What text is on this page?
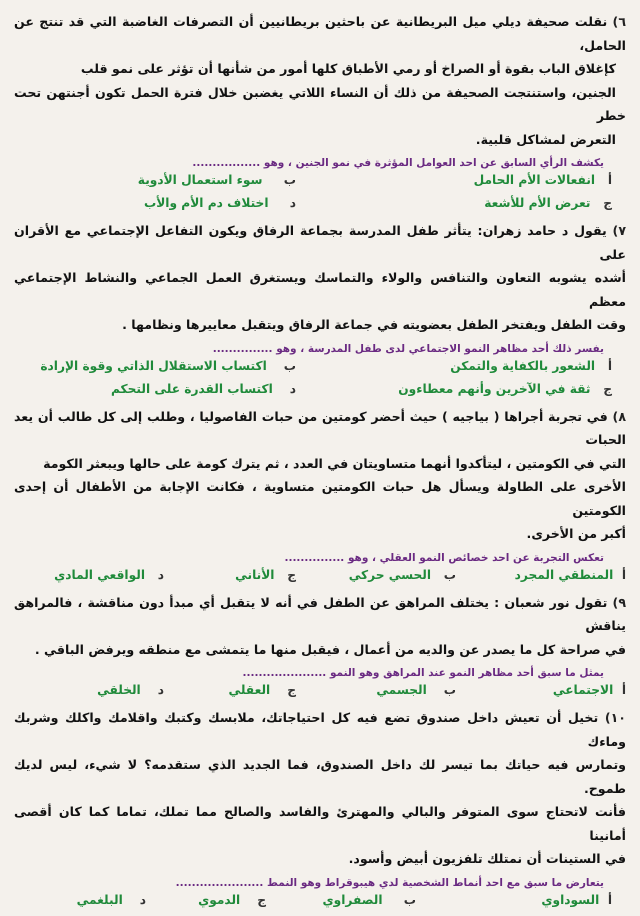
٦) نقلت صحيفة ديلي ميل البريطانية عن باحثين بريطانيين أن التصرفات الغاضبة التي قد تنتج عن الحامل،
كإغلاق الباب بقوة أو الصراخ أو رمي الأطباق كلها أمور من شأنها أن تؤثر على نمو قلب
الجنين، واستنتجت الصحيفة من ذلك أن النساء اللاتي يغضبن خلال فترة الحمل تكون أجنتهن تحت خطر
التعرض لمشاكل قلبية.
يكشف الرأي السابق عن احد العوامل المؤثرة في نمو الجنين ، وهو .................
أ   انفعالات الأم الحامل
ب     سوء استعمال الأدوية
ج   تعرض الأم للأشعة
د     اختلاف دم الأم والأب
٧) يقول د حامد زهران: يتأثر طفل المدرسة بجماعة الرفاق ويكون التفاعل الإجتماعي مع الأقران على
أشده يشوبه التعاون والتنافس والولاء والتماسك ويستغرق العمل الجماعي والنشاط الإجتماعي معظم
وقت الطفل ويفتخر الطفل بعضويته في جماعة الرفاق ويتقبل معاييرها ونظامها .
يفسر ذلك أحد مظاهر النمو الاجتماعي لدى طفل المدرسة ، وهو ...............
أ   الشعور بالكفاية والتمكن
ب    اكتساب الاستقلال الذاتي وقوة الإرادة
ج   ثقة في الآخرين وأنهم معطاءون
د    اكتساب القدرة على التحكم
٨) في تجربة أجراها ( بياجيه ) حيث أحضر كومتين من حبات الفاصوليا ، وطلب إلى كل طالب أن يعد الحبات
التي في الكومتين ، ليتأكدوا أنهما متساويتان في العدد ، ثم يترك كومة على حالها ويبعثر الكومة
الأخرى على الطاولة ويسأل هل حبات الكومتين متساوية ، فكانت الإجابة من الأطفال أن إحدى الكومتين
أكبر من الأخرى.
تعكس التجربة عن احد خصائص النمو العقلي ، وهو ...............
أ  المنطقي المجرد
ب   الحسي حركي
ج   الأناني
د   الواقعي المادي
٩) تقول نور شعبان : يختلف المراهق عن الطفل في أنه لا يتقبل أي مبدأ دون مناقشة ، فالمراهق يناقش
في صراحة كل ما يصدر عن والديه من أعمال ، فيقبل منها ما يتمشى مع منطقه ويرفض الباقي .
يمثل ما سبق أحد مظاهر النمو عند المراهق وهو النمو .....................
أ  الاجتماعي
ب    الجسمي
ج    العقلي
د    الخلقي
١٠) تخيل أن تعيش داخل صندوق تضع فيه كل احتياجاتك، ملابسك وكتبك واقلامك واكلك وشربك وماءك
وتمارس فيه حياتك بما تيسر لك داخل الصندوق، فما الجديد الذي ستقدمه؟ لا شيء، ليس لديك طموح.
فأنت لاتحتاج سوى المتوفر والبالي والمهترئ والفاسد والصالح مما تملك، تماما كما كان أقصى أمانينا
في الستينات أن نمتلك تلفزيون أبيض وأسود.
يتعارض ما سبق مع احد أنماط الشخصية لدي هيبوقراط وهو النمط ......................
أ  السوداوي
ب     الصفراوي
ج    الدموي
د    البلغمي
